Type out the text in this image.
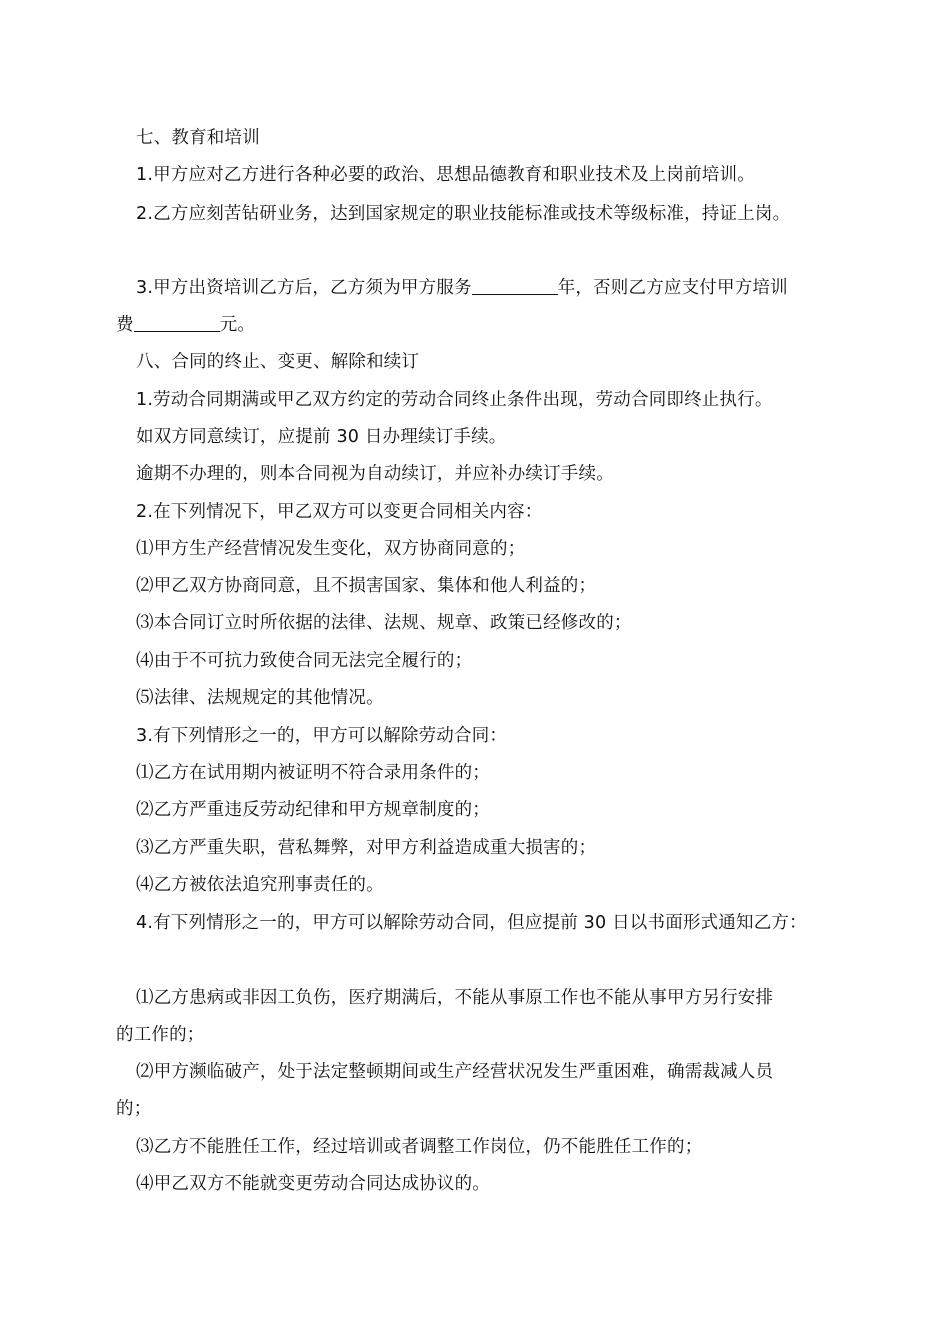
七、教育和培训
1.甲方应对乙方进行各种必要的政治、思想品德教育和职业技术及上岗前培训。
2.乙方应刻苦钻研业务，达到国家规定的职业技能标准或技术等级标准，持证上岗。
3.甲方出资培训乙方后，乙方须为甲方服务	年，否则乙方应支付甲方培训
费	元。
八、合同的终止、变更、解除和续订
1.劳动合同期满或甲乙双方约定的劳动合同终止条件出现，劳动合同即终止执行。
如双方同意续订，应提前 30 日办理续订手续。
逾期不办理的，则本合同视为自动续订，并应补办续订手续。
2.在下列情况下，甲乙双方可以变更合同相关内容：
⑴甲方生产经营情况发生变化，双方协商同意的；
⑵甲乙双方协商同意，且不损害国家、集体和他人利益的；
⑶本合同订立时所依据的法律、法规、规章、政策已经修改的；
⑷由于不可抗力致使合同无法完全履行的；
⑸法律、法规规定的其他情况。
3.有下列情形之一的，甲方可以解除劳动合同：
⑴乙方在试用期内被证明不符合录用条件的；
⑵乙方严重违反劳动纪律和甲方规章制度的；
⑶乙方严重失职，营私舞弊，对甲方利益造成重大损害的；
⑷乙方被依法追究刑事责任的。
4.有下列情形之一的，甲方可以解除劳动合同，但应提前 30 日以书面形式通知乙方：
⑴乙方患病或非因工负伤，医疗期满后，不能从事原工作也不能从事甲方另行安排
的工作的；
⑵甲方濒临破产，处于法定整顿期间或生产经营状况发生严重困难，确需裁减人员
的；
⑶乙方不能胜任工作，经过培训或者调整工作岗位，仍不能胜任工作的；
⑷甲乙双方不能就变更劳动合同达成协议的。
